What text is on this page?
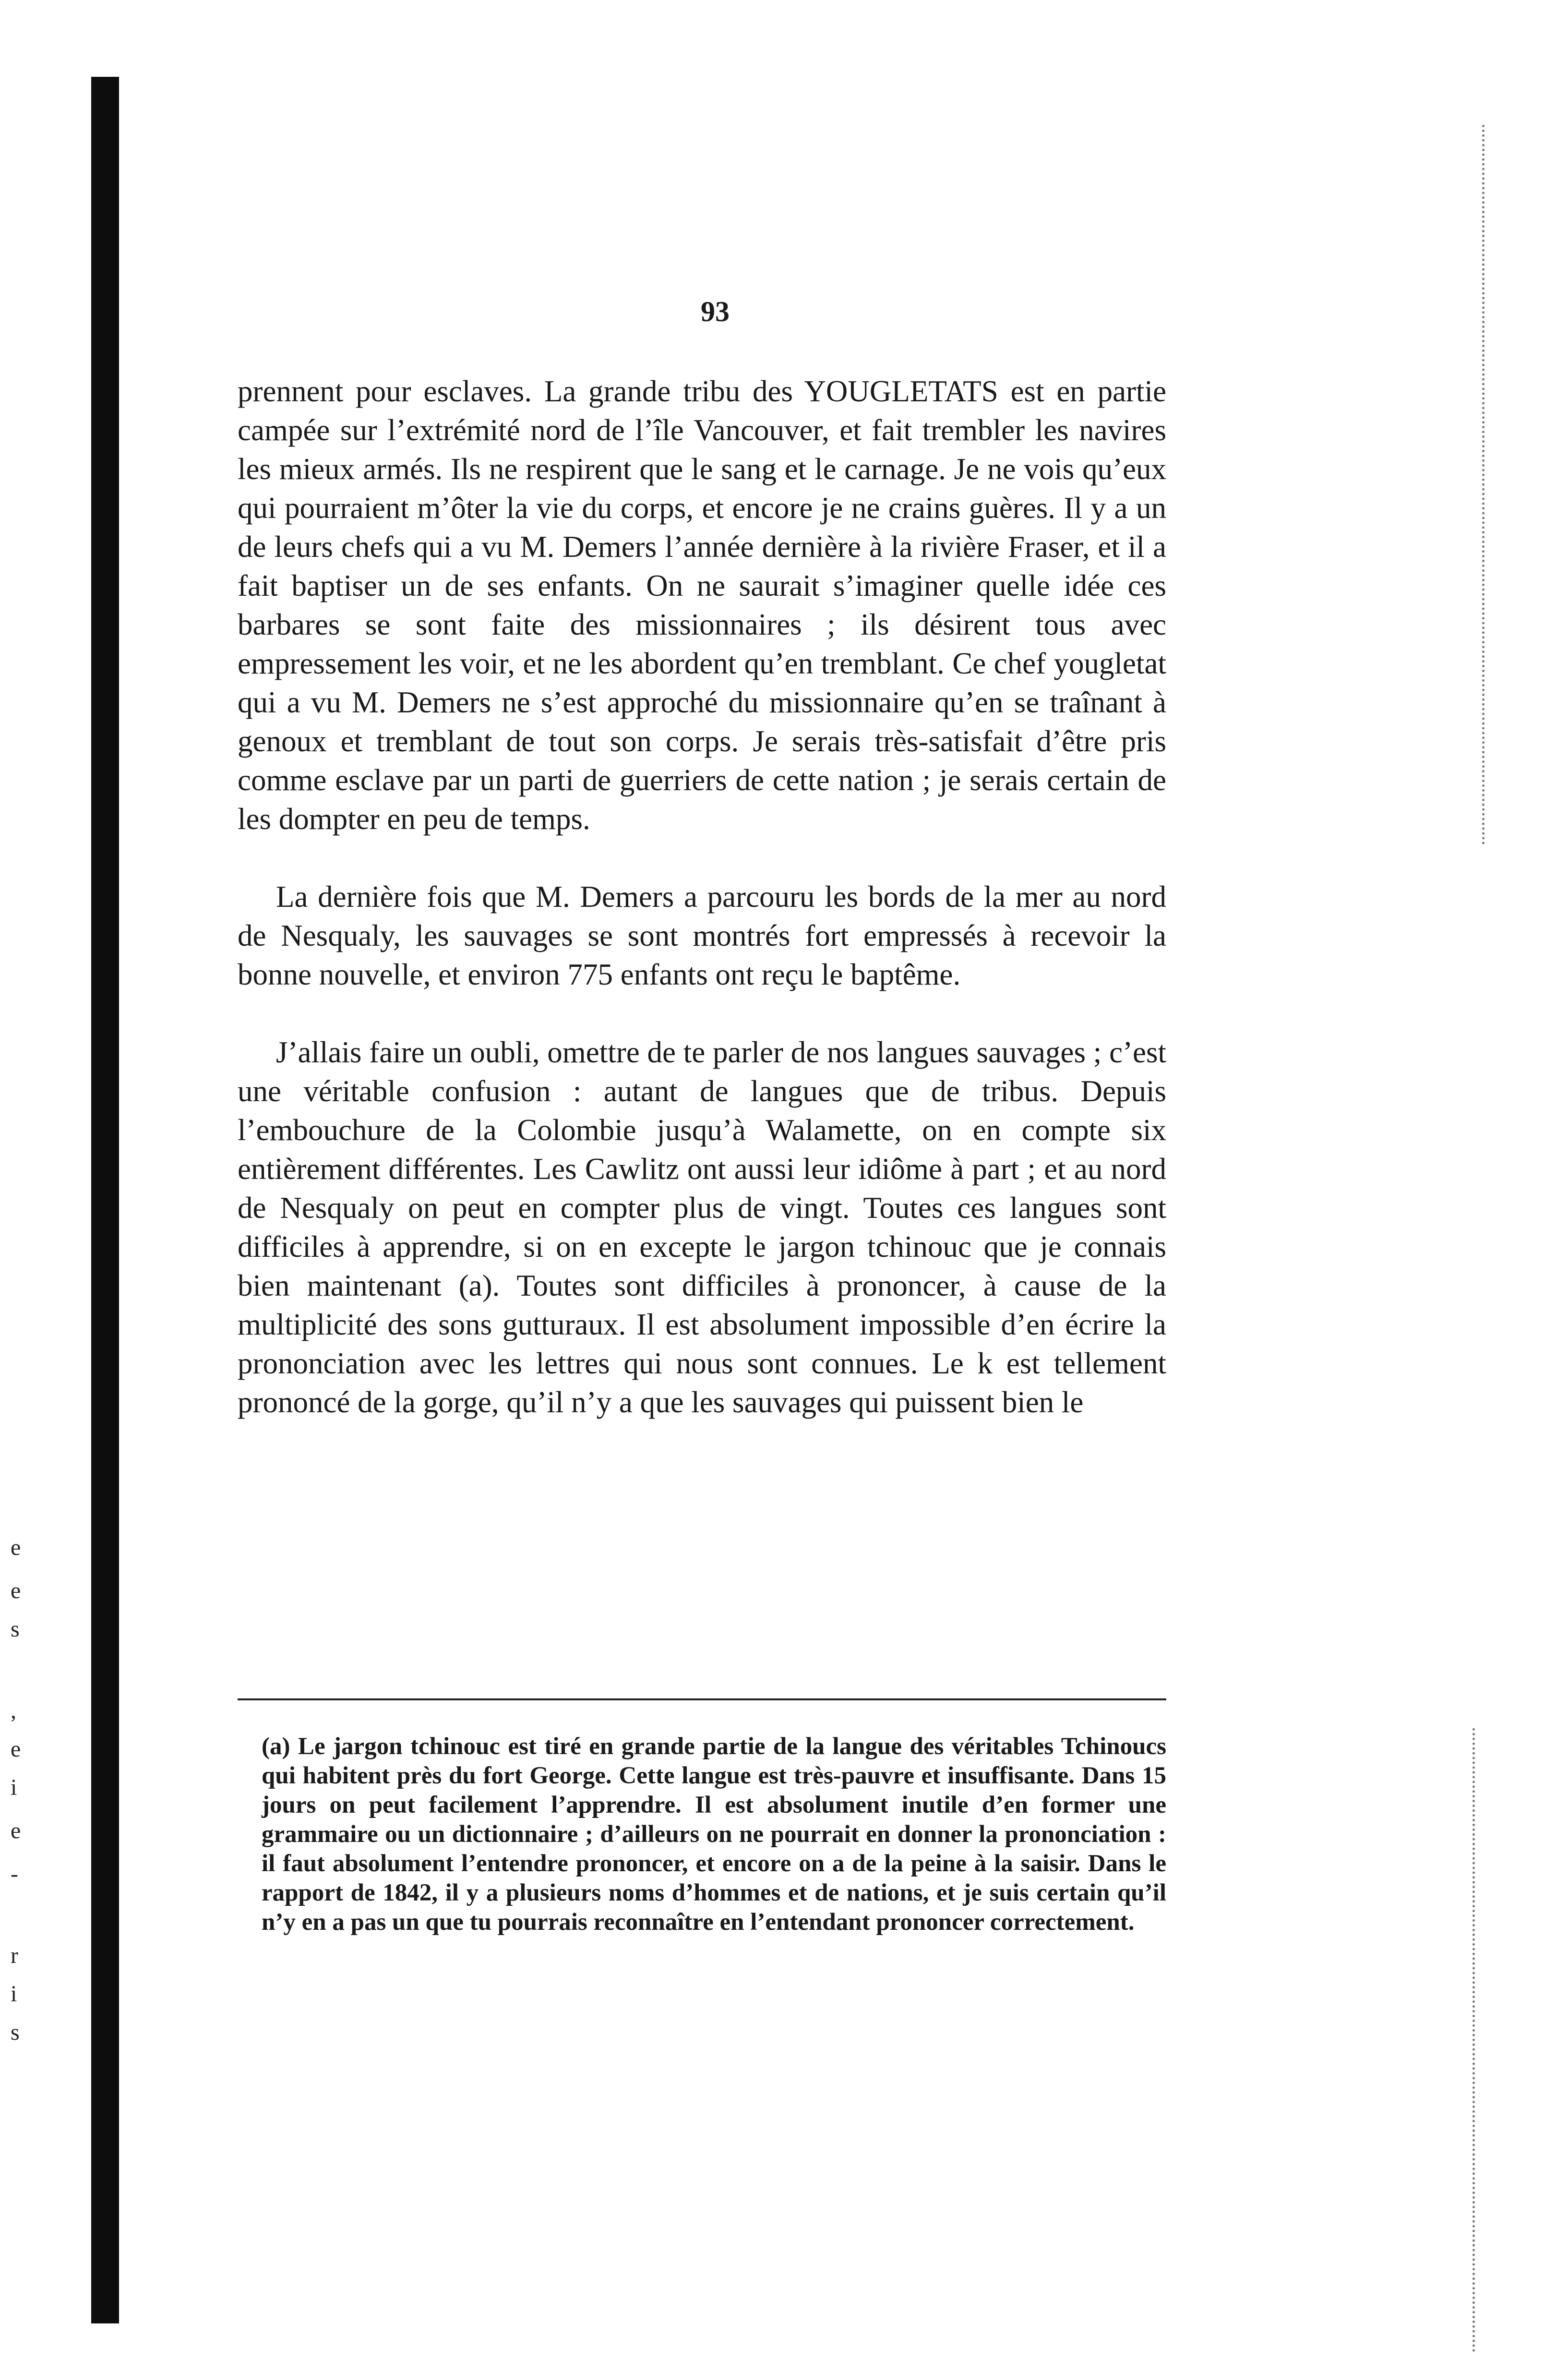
e
e
s
,
e
i
e
-
r
i
s
93

prennent pour esclaves. La grande tribu des YOUGLETATS est en partie campée sur l’extrémité nord de l’île Vancouver, et fait trembler les navires les mieux armés. Ils ne respirent que le sang et le carnage. Je ne vois qu’eux qui pourraient m’ôter la vie du corps, et encore je ne crains guères. Il y a un de leurs chefs qui a vu M. Demers l’année dernière à la rivière Fraser, et il a fait baptiser un de ses enfants. On ne saurait s’imaginer quelle idée ces barbares se sont faite des missionnaires ; ils désirent tous avec empressement les voir, et ne les abordent qu’en tremblant. Ce chef yougletat qui a vu M. Demers ne s’est approché du missionnaire qu’en se traînant à genoux et tremblant de tout son corps. Je serais très-satisfait d’être pris comme esclave par un parti de guerriers de cette nation ; je serais certain de les dompter en peu de temps.

La dernière fois que M. Demers a parcouru les bords de la mer au nord de Nesqualy, les sauvages se sont montrés fort empressés à recevoir la bonne nouvelle, et environ 775 enfants ont reçu le baptême.

J’allais faire un oubli, omettre de te parler de nos langues sauvages ; c’est une véritable confusion : autant de langues que de tribus. Depuis l’embouchure de la Colombie jusqu’à Walamette, on en compte six entièrement différentes. Les Cawlitz ont aussi leur idiôme à part ; et au nord de Nesqualy on peut en compter plus de vingt. Toutes ces langues sont difficiles à apprendre, si on en excepte le jargon tchinouc que je connais bien maintenant (a). Toutes sont difficiles à prononcer, à cause de la multiplicité des sons gutturaux. Il est absolument impossible d’en écrire la prononciation avec les lettres qui nous sont connues. Le k est tellement prononcé de la gorge, qu’il n’y a que les sauvages qui puissent bien le

(a) Le jargon tchinouc est tiré en grande partie de la langue des véritables Tchinoucs qui habitent près du fort George. Cette langue est très-pauvre et insuffisante. Dans 15 jours on peut facilement l’apprendre. Il est absolument inutile d’en former une grammaire ou un dictionnaire ; d’ailleurs on ne pourrait en donner la prononciation : il faut absolument l’entendre prononcer, et encore on a de la peine à la saisir. Dans le rapport de 1842, il y a plusieurs noms d’hommes et de nations, et je suis certain qu’il n’y en a pas un que tu pourrais reconnaître en l’entendant prononcer correctement.
